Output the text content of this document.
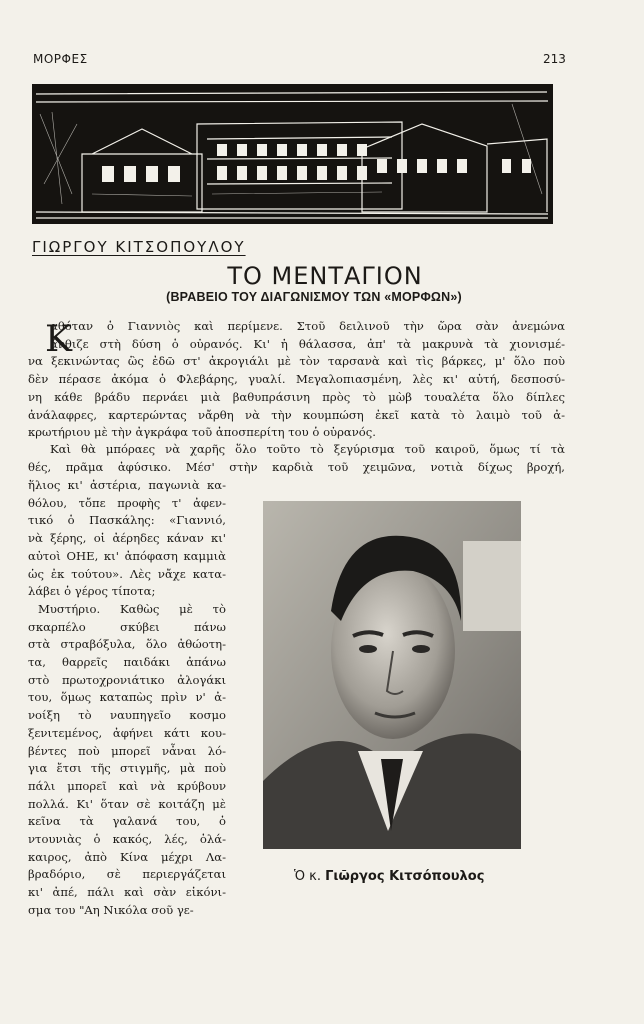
ΜΟΡΦΕΣ	213
ΓΙΩΡΓΟΥ ΚΙΤΣΟΠΟΥΛΟΥ
ΤΟ ΜΕΝΤΑΓΙΟΝ
(ΒΡΑΒΕΙΟ ΤΟΥ ΔΙΑΓΩΝΙΣΜΟΥ ΤΩΝ «ΜΟΡΦΩΝ»)
Κ
αθόταν ὁ Γιαννιὸς καὶ περίμενε. Στοῦ δειλινοῦ τὴν ὥρα σὰν ἀνεμώνα
άνθιζε στὴ δύση ὁ οὐρανός. Κι' ἡ θάλασσα, ἀπ' τὰ μακρυνὰ τὰ χιονισμέ-
να ξεκινώντας ὣς ἐδῶ στ' ἀκρογιάλι μὲ τὸν ταρσανὰ καὶ τὶς βάρκες, μ' ὅλο ποὺ
δὲν πέρασε ἀκόμα ὁ Φλεβάρης, γυαλί. Μεγαλοπιασμένη, λὲς κι' αὐτή, δεσποσύ-
νη κάθε βράδυ περνάει μιὰ βαθυπράσινη πρὸς τὸ μὼβ τουαλέτα ὅλο δίπλες
ἀνάλαφρες, καρτερώντας νἄρθη νὰ τὴν κουμπώση ἐκεῖ κατὰ τὸ λαιμὸ τοῦ ἀ-
κρωτήριου μὲ τὴν ἀγκράφα τοῦ ἀποσπερίτη του ὁ οὐρανός.
Καὶ θὰ μπόραες νὰ χαρῆς ὅλο τοῦτο τὸ ξεγύρισμα τοῦ καιροῦ, ὅμως τί τὰ
θές, πρᾶμα ἀφύσικο. Μέσ' στὴν καρδιὰ τοῦ χειμῶνα, νοτιὰ δίχως βροχή,
ἥλιος κι' ἀστέρια, παγωνιὰ κα-
θόλου, τὄπε προφὴς τ' ἀφεν-
τικό ὁ Πασκάλης: «Γιαννιό,
νὰ ξέρης, οἱ ἀέρηδες κάναν κι'
αὐτοὶ ΟΗΕ, κι' ἀπόφαση καμμιὰ
ὡς ἐκ τούτου». Λὲς νἄχε κατα-
λάβει ὁ γέρος τίποτα;
Μυστήριο. Καθὼς μὲ τὸ
σκαρπέλο σκύβει πάνω
στὰ στραβόξυλα, ὅλο ἀθώοτη-
τα, θαρρεῖς παιδάκι ἀπάνω
στὸ πρωτοχρονιάτικο ἀλογάκι
του, ὅμως καταπὼς πρὶν ν' ἀ-
νοίξη τὸ ναυπηγεῖο κοσμο
ξενιτεμένος, ἀφήνει κάτι κου-
βέντες ποὺ μπορεῖ νἆναι λό-
για ἔτσι τῆς στιγμῆς, μὰ ποὺ
πάλι μπορεῖ καὶ νὰ κρύβουν
πολλά. Κι' ὅταν σὲ κοιτάζη μὲ
κεῖνα τὰ γαλανά του, ὁ
ντουνιὰς ὁ κακός, λές, ὁλά-
καιρος, ἀπὸ Κίνα μέχρι Λα-
βραδόριο, σὲ περιεργάζεται
κι' ἀπέ, πάλι καὶ σὰν εἰκόνι-
σμα του "Αη Νικόλα σοῦ γε-
Ὁ κ. Γιῶργος Κιτσόπουλος
